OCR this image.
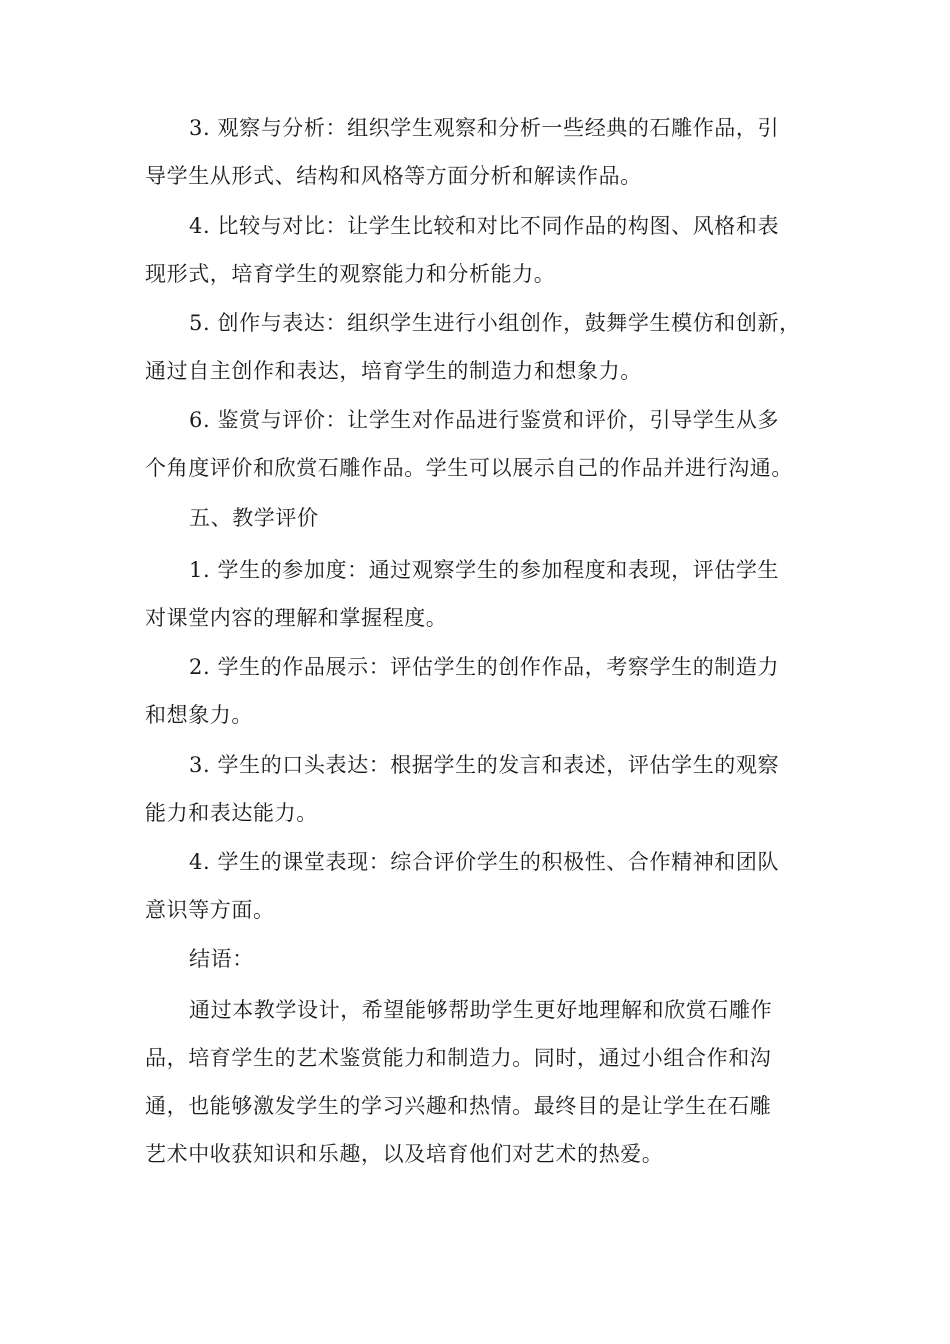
3. 观察与分析：组织学生观察和分析一些经典的石雕作品，引
导学生从形式、结构和风格等方面分析和解读作品。

4. 比较与对比：让学生比较和对比不同作品的构图、风格和表
现形式，培育学生的观察能力和分析能力。

5. 创作与表达：组织学生进行小组创作，鼓舞学生模仿和创新，
通过自主创作和表达，培育学生的制造力和想象力。

6. 鉴赏与评价：让学生对作品进行鉴赏和评价，引导学生从多
个角度评价和欣赏石雕作品。学生可以展示自己的作品并进行沟通。

五、教学评价

1. 学生的参加度：通过观察学生的参加程度和表现，评估学生
对课堂内容的理解和掌握程度。

2. 学生的作品展示：评估学生的创作作品，考察学生的制造力
和想象力。

3. 学生的口头表达：根据学生的发言和表述，评估学生的观察
能力和表达能力。

4. 学生的课堂表现：综合评价学生的积极性、合作精神和团队
意识等方面。

结语：

通过本教学设计，希望能够帮助学生更好地理解和欣赏石雕作
品，培育学生的艺术鉴赏能力和制造力。同时，通过小组合作和沟
通，也能够激发学生的学习兴趣和热情。最终目的是让学生在石雕
艺术中收获知识和乐趣，以及培育他们对艺术的热爱。
